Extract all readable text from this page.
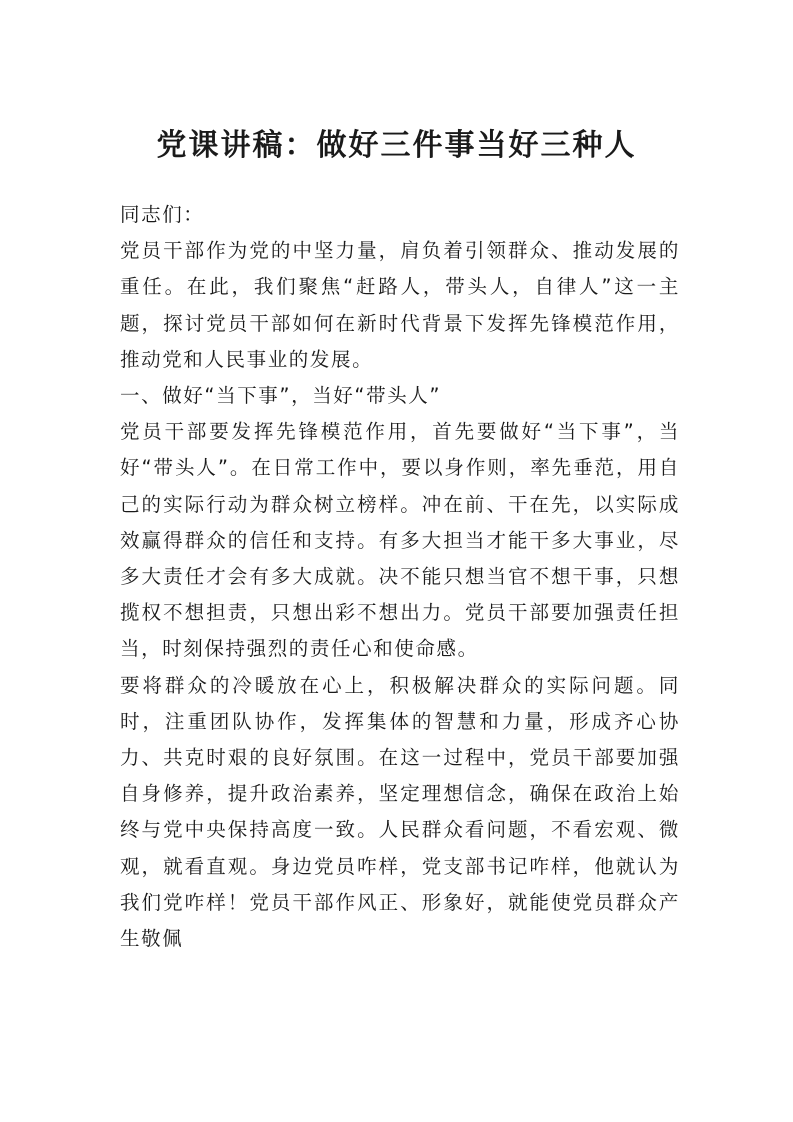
党课讲稿：做好三件事当好三种人

同志们：

党员干部作为党的中坚力量，肩负着引领群众、推动发展的重任。在此，我们聚焦“赶路人，带头人，自律人”这一主题，探讨党员干部如何在新时代背景下发挥先锋模范作用，推动党和人民事业的发展。

一、做好“当下事”，当好“带头人”

党员干部要发挥先锋模范作用，首先要做好“当下事”，当好“带头人”。在日常工作中，要以身作则，率先垂范，用自己的实际行动为群众树立榜样。冲在前、干在先，以实际成效赢得群众的信任和支持。有多大担当才能干多大事业，尽多大责任才会有多大成就。决不能只想当官不想干事，只想揽权不想担责，只想出彩不想出力。党员干部要加强责任担当，时刻保持强烈的责任心和使命感。

要将群众的冷暖放在心上，积极解决群众的实际问题。同时，注重团队协作，发挥集体的智慧和力量，形成齐心协力、共克时艰的良好氛围。在这一过程中，党员干部要加强自身修养，提升政治素养，坚定理想信念，确保在政治上始终与党中央保持高度一致。人民群众看问题，不看宏观、微观，就看直观。身边党员咋样，党支部书记咋样，他就认为我们党咋样！党员干部作风正、形象好，就能使党员群众产生敬佩
